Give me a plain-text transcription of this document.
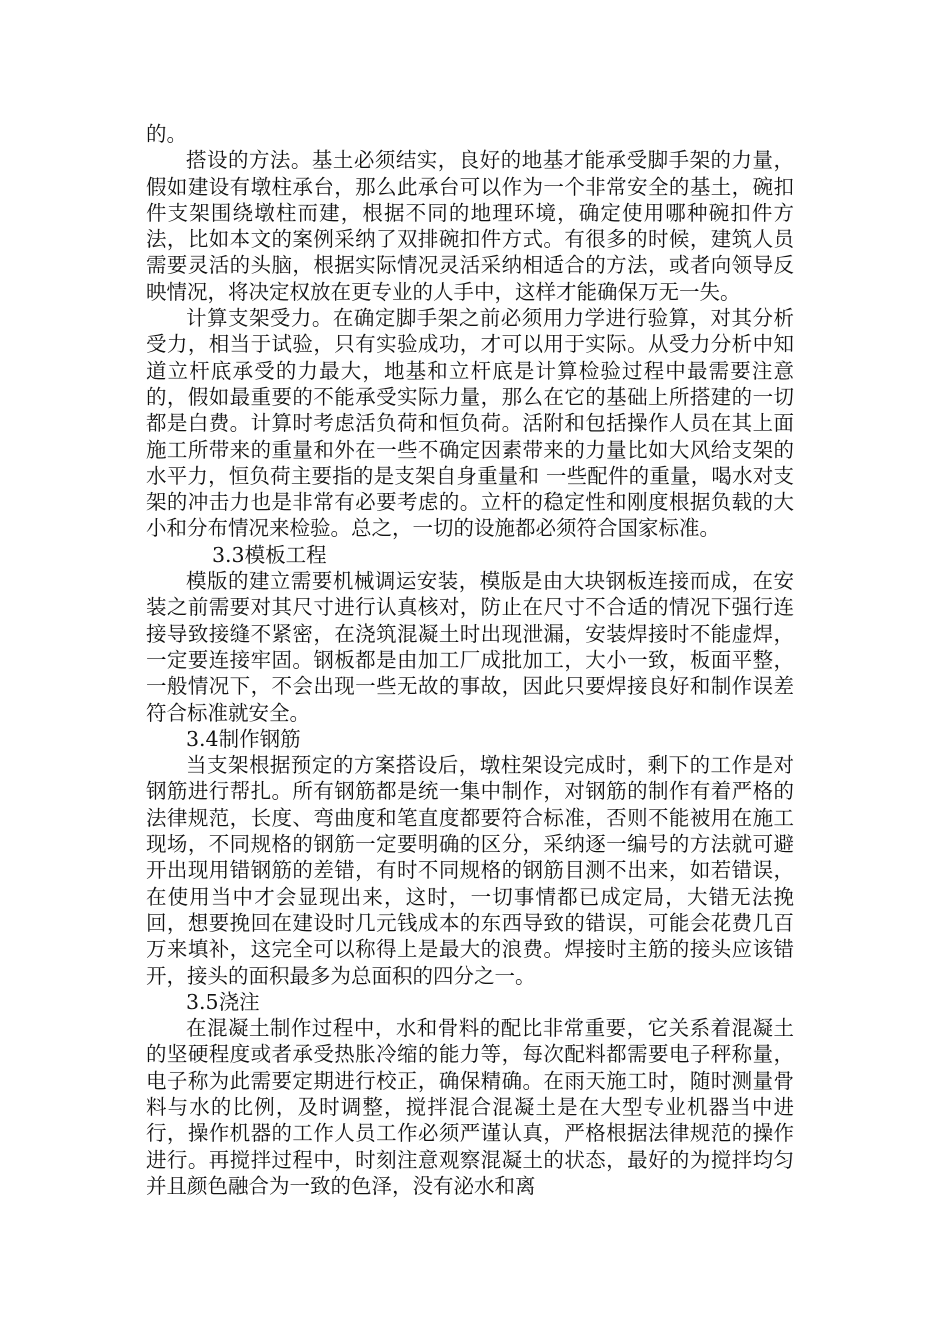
的。

搭设的方法。基土必须结实，良好的地基才能承受脚手架的力量，假如建设有墩柱承台，那么此承台可以作为一个非常安全的基土，碗扣件支架围绕墩柱而建，根据不同的地理环境，确定使用哪种碗扣件方法，比如本文的案例采纳了双排碗扣件方式。有很多的时候，建筑人员需要灵活的头脑，根据实际情况灵活采纳相适合的方法，或者向领导反映情况，将决定权放在更专业的人手中，这样才能确保万无一失。

计算支架受力。在确定脚手架之前必须用力学进行验算，对其分析受力，相当于试验，只有实验成功，才可以用于实际。从受力分析中知道立杆底承受的力最大，地基和立杆底是计算检验过程中最需要注意的，假如最重要的不能承受实际力量，那么在它的基础上所搭建的一切都是白费。计算时考虑活负荷和恒负荷。活附和包括操作人员在其上面施工所带来的重量和外在一些不确定因素带来的力量比如大风给支架的水平力，恒负荷主要指的是支架自身重量和 一些配件的重量，喝水对支架的冲击力也是非常有必要考虑的。立杆的稳定性和刚度根据负载的大小和分布情况来检验。总之，一切的设施都必须符合国家标准。

3.3模板工程

模版的建立需要机械调运安装，模版是由大块钢板连接而成，在安装之前需要对其尺寸进行认真核对，防止在尺寸不合适的情况下强行连接导致接缝不紧密，在浇筑混凝土时出现泄漏，安装焊接时不能虚焊，一定要连接牢固。钢板都是由加工厂成批加工，大小一致，板面平整，一般情况下，不会出现一些无故的事故，因此只要焊接良好和制作误差符合标准就安全。

3.4制作钢筋

当支架根据预定的方案搭设后，墩柱架设完成时，剩下的工作是对钢筋进行帮扎。所有钢筋都是统一集中制作，对钢筋的制作有着严格的法律规范，长度、弯曲度和笔直度都要符合标准，否则不能被用在施工现场，不同规格的钢筋一定要明确的区分，采纳逐一编号的方法就可避开出现用错钢筋的差错，有时不同规格的钢筋目测不出来，如若错误，在使用当中才会显现出来，这时，一切事情都已成定局，大错无法挽回，想要挽回在建设时几元钱成本的东西导致的错误，可能会花费几百万来填补，这完全可以称得上是最大的浪费。焊接时主筋的接头应该错开，接头的面积最多为总面积的四分之一。

3.5浇注

在混凝土制作过程中，水和骨料的配比非常重要，它关系着混凝土的坚硬程度或者承受热胀冷缩的能力等，每次配料都需要电子秤称量，电子称为此需要定期进行校正，确保精确。在雨天施工时，随时测量骨料与水的比例，及时调整，搅拌混合混凝土是在大型专业机器当中进行，操作机器的工作人员工作必须严谨认真，严格根据法律规范的操作进行。再搅拌过程中，时刻注意观察混凝土的状态，最好的为搅拌均匀并且颜色融合为一致的色泽，没有泌水和离
